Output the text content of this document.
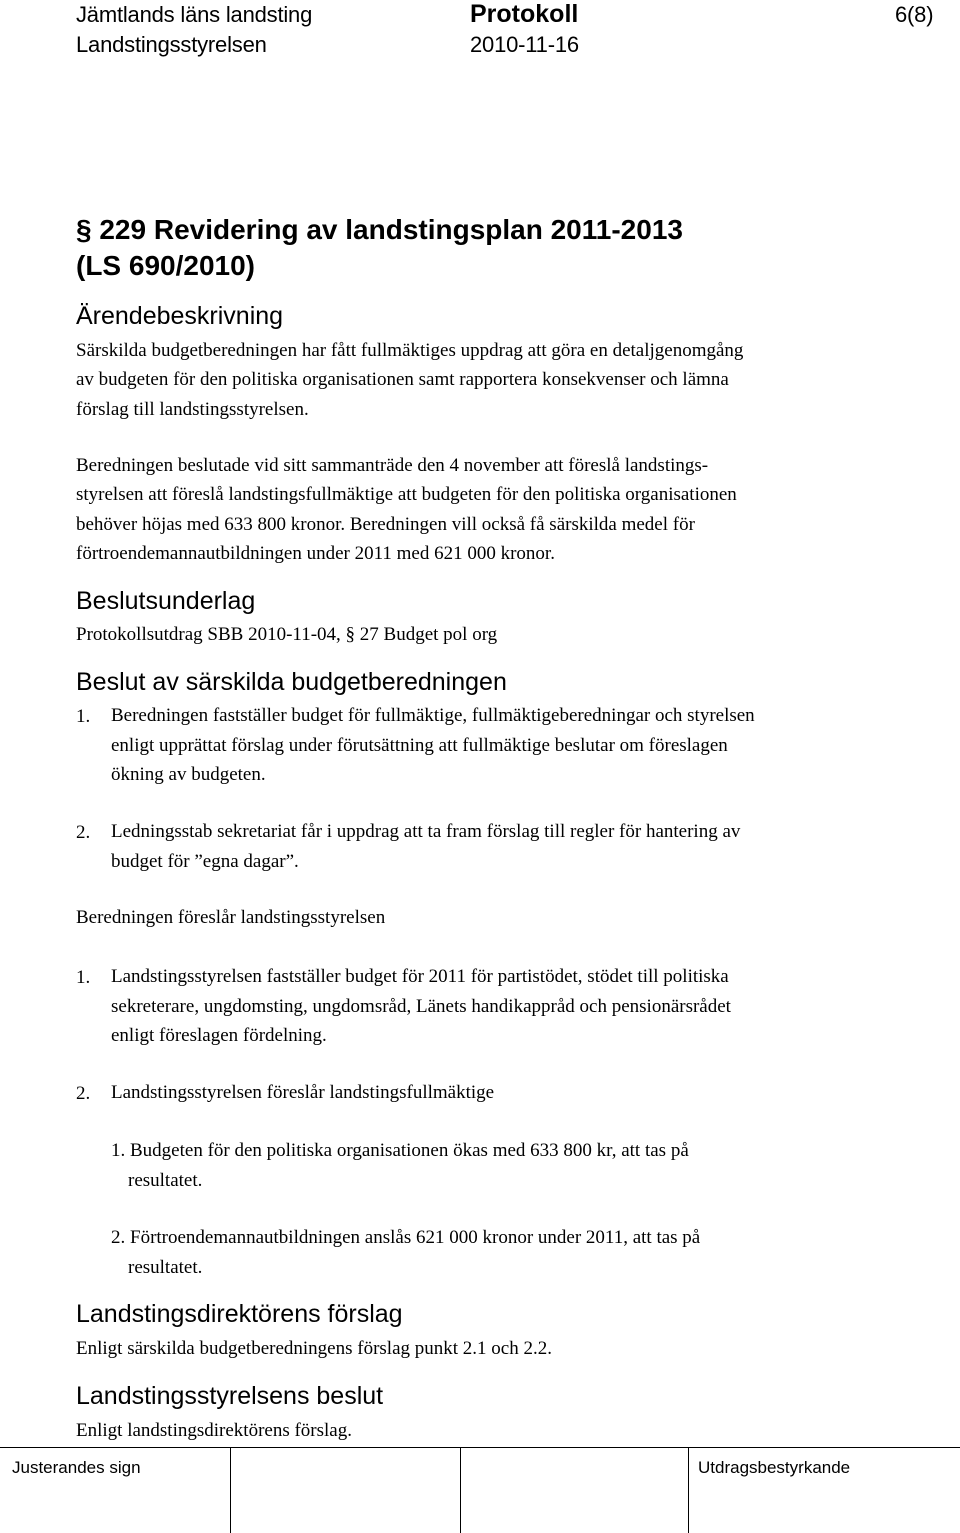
Jämtlands läns landsting	Protokoll	6(8)
Landstingsstyrelsen	2010-11-16
§ 229 Revidering av landstingsplan 2011-2013
(LS 690/2010)
Ärendebeskrivning
Särskilda budgetberedningen har fått fullmäktiges uppdrag att göra en detaljgenomgång
av budgeten för den politiska organisationen samt rapportera konsekvenser och lämna
förslag till landstingsstyrelsen.
Beredningen beslutade vid sitt sammanträde den 4 november att föreslå landstings-
styrelsen att föreslå landstingsfullmäktige att budgeten för den politiska organisationen
behöver höjas med 633 800 kronor. Beredningen vill också få särskilda medel för
förtroendemannautbildningen under 2011 med 621 000 kronor.
Beslutsunderlag
Protokollsutdrag SBB 2010-11-04, § 27 Budget pol org
Beslut av särskilda budgetberedningen
1. Beredningen fastställer budget för fullmäktige, fullmäktigeberedningar och styrelsen
enligt upprättat förslag under förutsättning att fullmäktige beslutar om föreslagen
ökning av budgeten.
2. Ledningsstab sekretariat får i uppdrag att ta fram förslag till regler för hantering av
budget för ”egna dagar”.
Beredningen föreslår landstingsstyrelsen
1. Landstingsstyrelsen fastställer budget för 2011 för partistödet, stödet till politiska
sekreterare, ungdomsting, ungdomsråd, Länets handikappråd och pensionärsrådet
enligt föreslagen fördelning.
2. Landstingsstyrelsen föreslår landstingsfullmäktige
1. Budgeten för den politiska organisationen ökas med 633 800 kr, att tas på
resultatet.
2. Förtroendemannautbildningen anslås 621 000 kronor under 2011, att tas på
resultatet.
Landstingsdirektörens förslag
Enligt särskilda budgetberedningens förslag punkt 2.1 och 2.2.
Landstingsstyrelsens beslut
Enligt landstingsdirektörens förslag.
Justerandes sign	Utdragsbestyrkande
